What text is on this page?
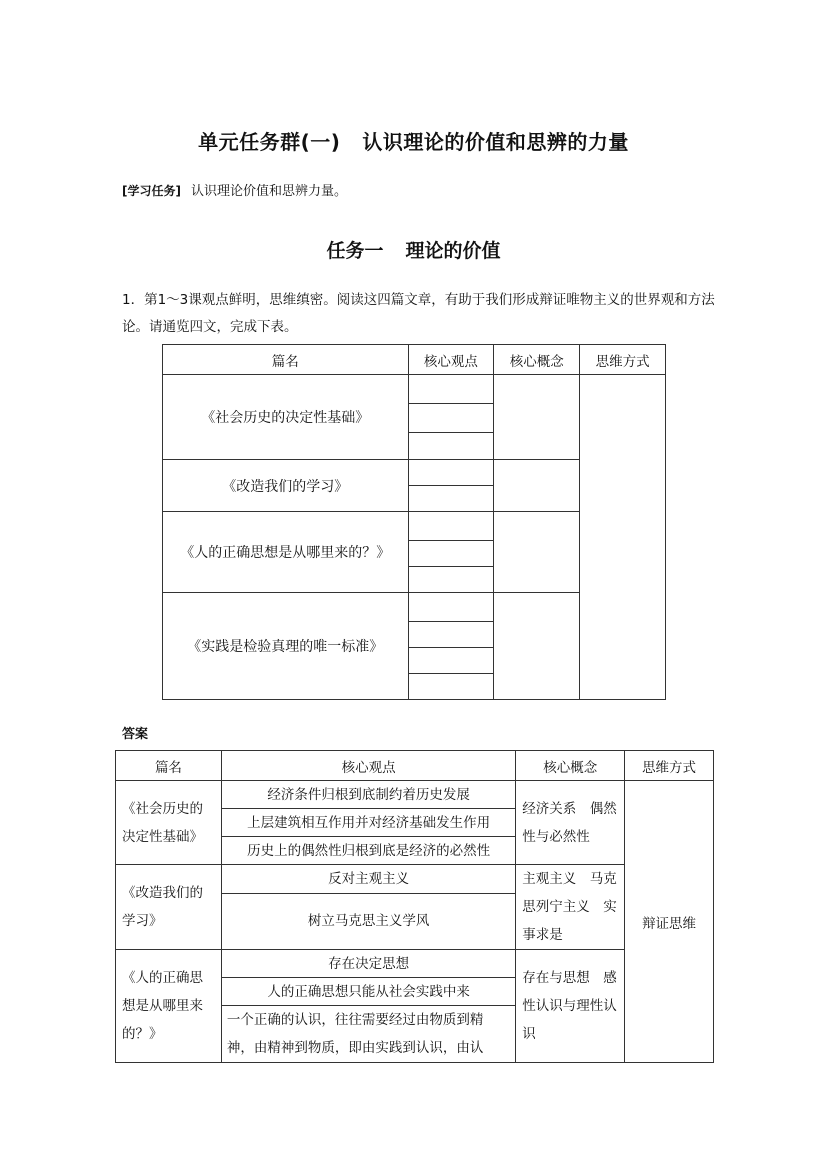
单元任务群(一) 认识理论的价值和思辨的力量
[学习任务] 认识理论价值和思辨力量。
任务一 理论的价值
1．第1～3课观点鲜明，思维缜密。阅读这四篇文章，有助于我们形成辩证唯物主义的世界观和方法论。请通览四文，完成下表。
篇名	核心观点	核心概念	思维方式
《社会历史的决定性基础》			

《改造我们的学习》			

《人的正确思想是从哪里来的？》			

《实践是检验真理的唯一标准》			

答案
篇名	核心观点	核心概念	思维方式
《社会历史的决定性基础》	经济条件归根到底制约着历史发展	经济关系　偶然性与必然性	辩证思维
	上层建筑相互作用并对经济基础发生作用		
	历史上的偶然性归根到底是经济的必然性		
《改造我们的学习》	反对主观主义	主观主义　马克思列宁主义　实事求是	
	树立马克思主义学风		
《人的正确思想是从哪里来的？》	存在决定思想	存在与思想　感性认识与理性认识	
	人的正确思想只能从社会实践中来		
	一个正确的认识，往往需要经过由物质到精神，由精神到物质，即由实践到认识，由认		
